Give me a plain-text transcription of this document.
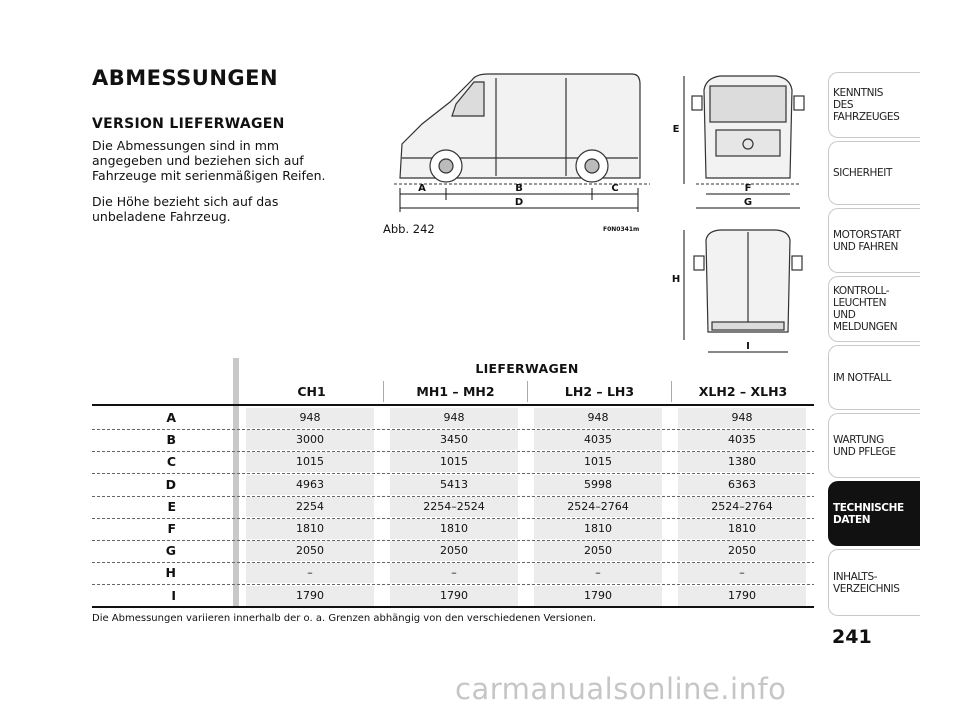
ABMESSUNGEN
VERSION LIEFERWAGEN
Die Abmessungen sind in mm angegeben und beziehen sich auf Fahrzeuge mit serienmäßigen Reifen.
Die Höhe bezieht sich auf das unbeladene Fahrzeug.
A	B	C
D
E
F
G
H
I
Abb. 242	F0N0341m
LIEFERWAGEN
CH1	MH1 – MH2	LH2 – LH3	XLH2 – XLH3
A	948	948	948	948
B	3000	3450	4035	4035
C	1015	1015	1015	1380
D	4963	5413	5998	6363
E	2254	2254–2524	2524–2764	2524–2764
F	1810	1810	1810	1810
G	2050	2050	2050	2050
H	–	–	–	–
I	1790	1790	1790	1790
Die Abmessungen variieren innerhalb der o. a. Grenzen abhängig von den verschiedenen Versionen.
KENNTNIS
DES FAHRZEUGES
SICHERHEIT
MOTORSTART
UND FAHREN
KONTROLL-
LEUCHTEN
UND MELDUNGEN
IM NOTFALL
WARTUNG
UND PFLEGE
TECHNISCHE
DATEN
INHALTS-
VERZEICHNIS
241
carmanualsonline.info
